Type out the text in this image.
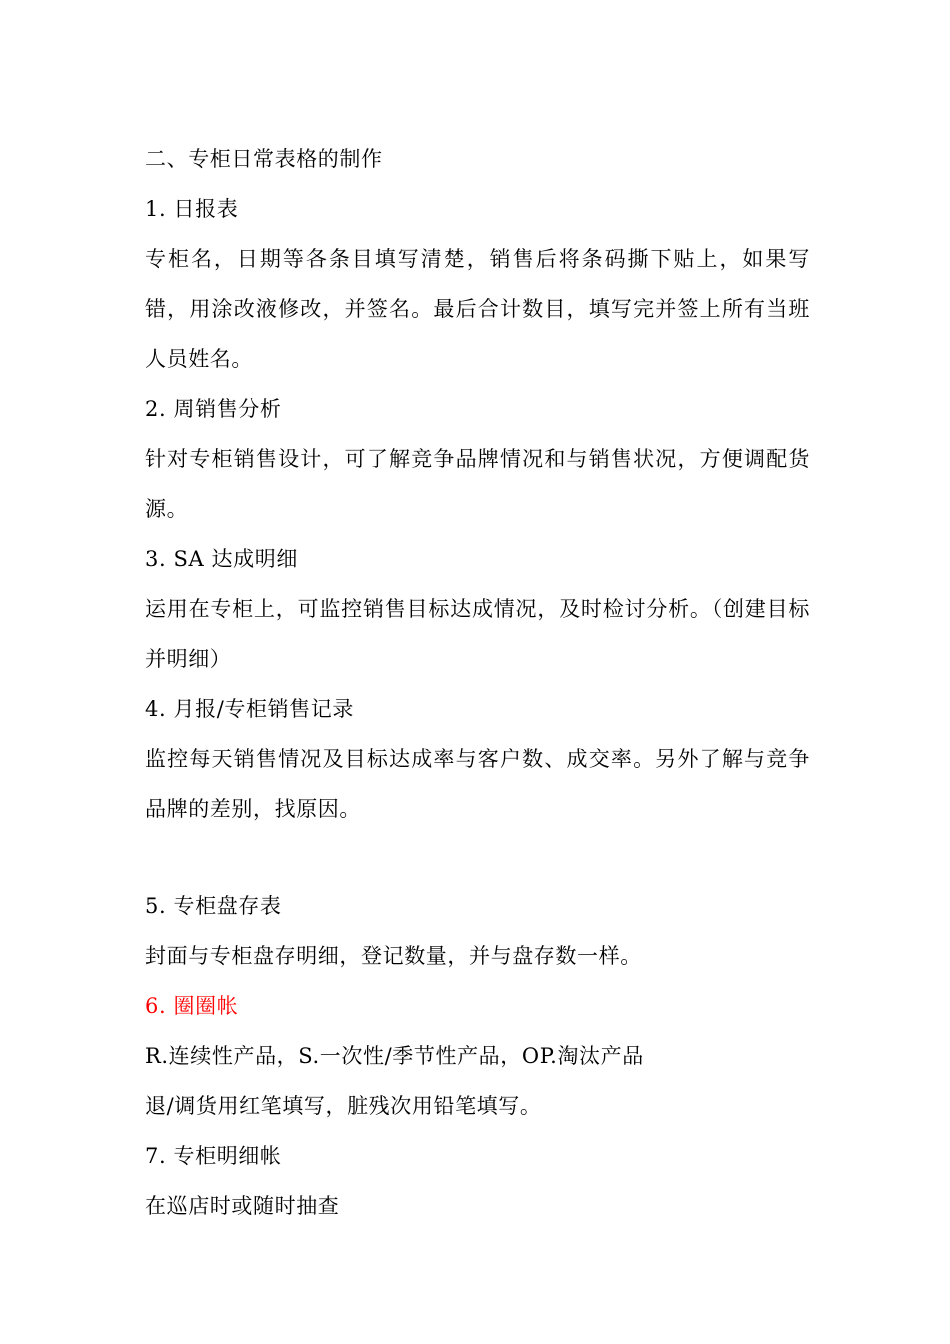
二、专柜日常表格的制作
1. 日报表
专柜名，日期等各条目填写清楚，销售后将条码撕下贴上，如果写错，用涂改液修改，并签名。最后合计数目，填写完并签上所有当班人员姓名。
2. 周销售分析
针对专柜销售设计，可了解竞争品牌情况和与销售状况，方便调配货源。
3. SA 达成明细
运用在专柜上，可监控销售目标达成情况，及时检讨分析。（创建目标并明细）
4. 月报/专柜销售记录
监控每天销售情况及目标达成率与客户数、成交率。另外了解与竞争品牌的差别，找原因。
5. 专柜盘存表
封面与专柜盘存明细，登记数量，并与盘存数一样。
6. 圈圈帐
R.连续性产品，S.一次性/季节性产品，OP.淘汰产品
退/调货用红笔填写，脏残次用铅笔填写。
7. 专柜明细帐
在巡店时或随时抽查
